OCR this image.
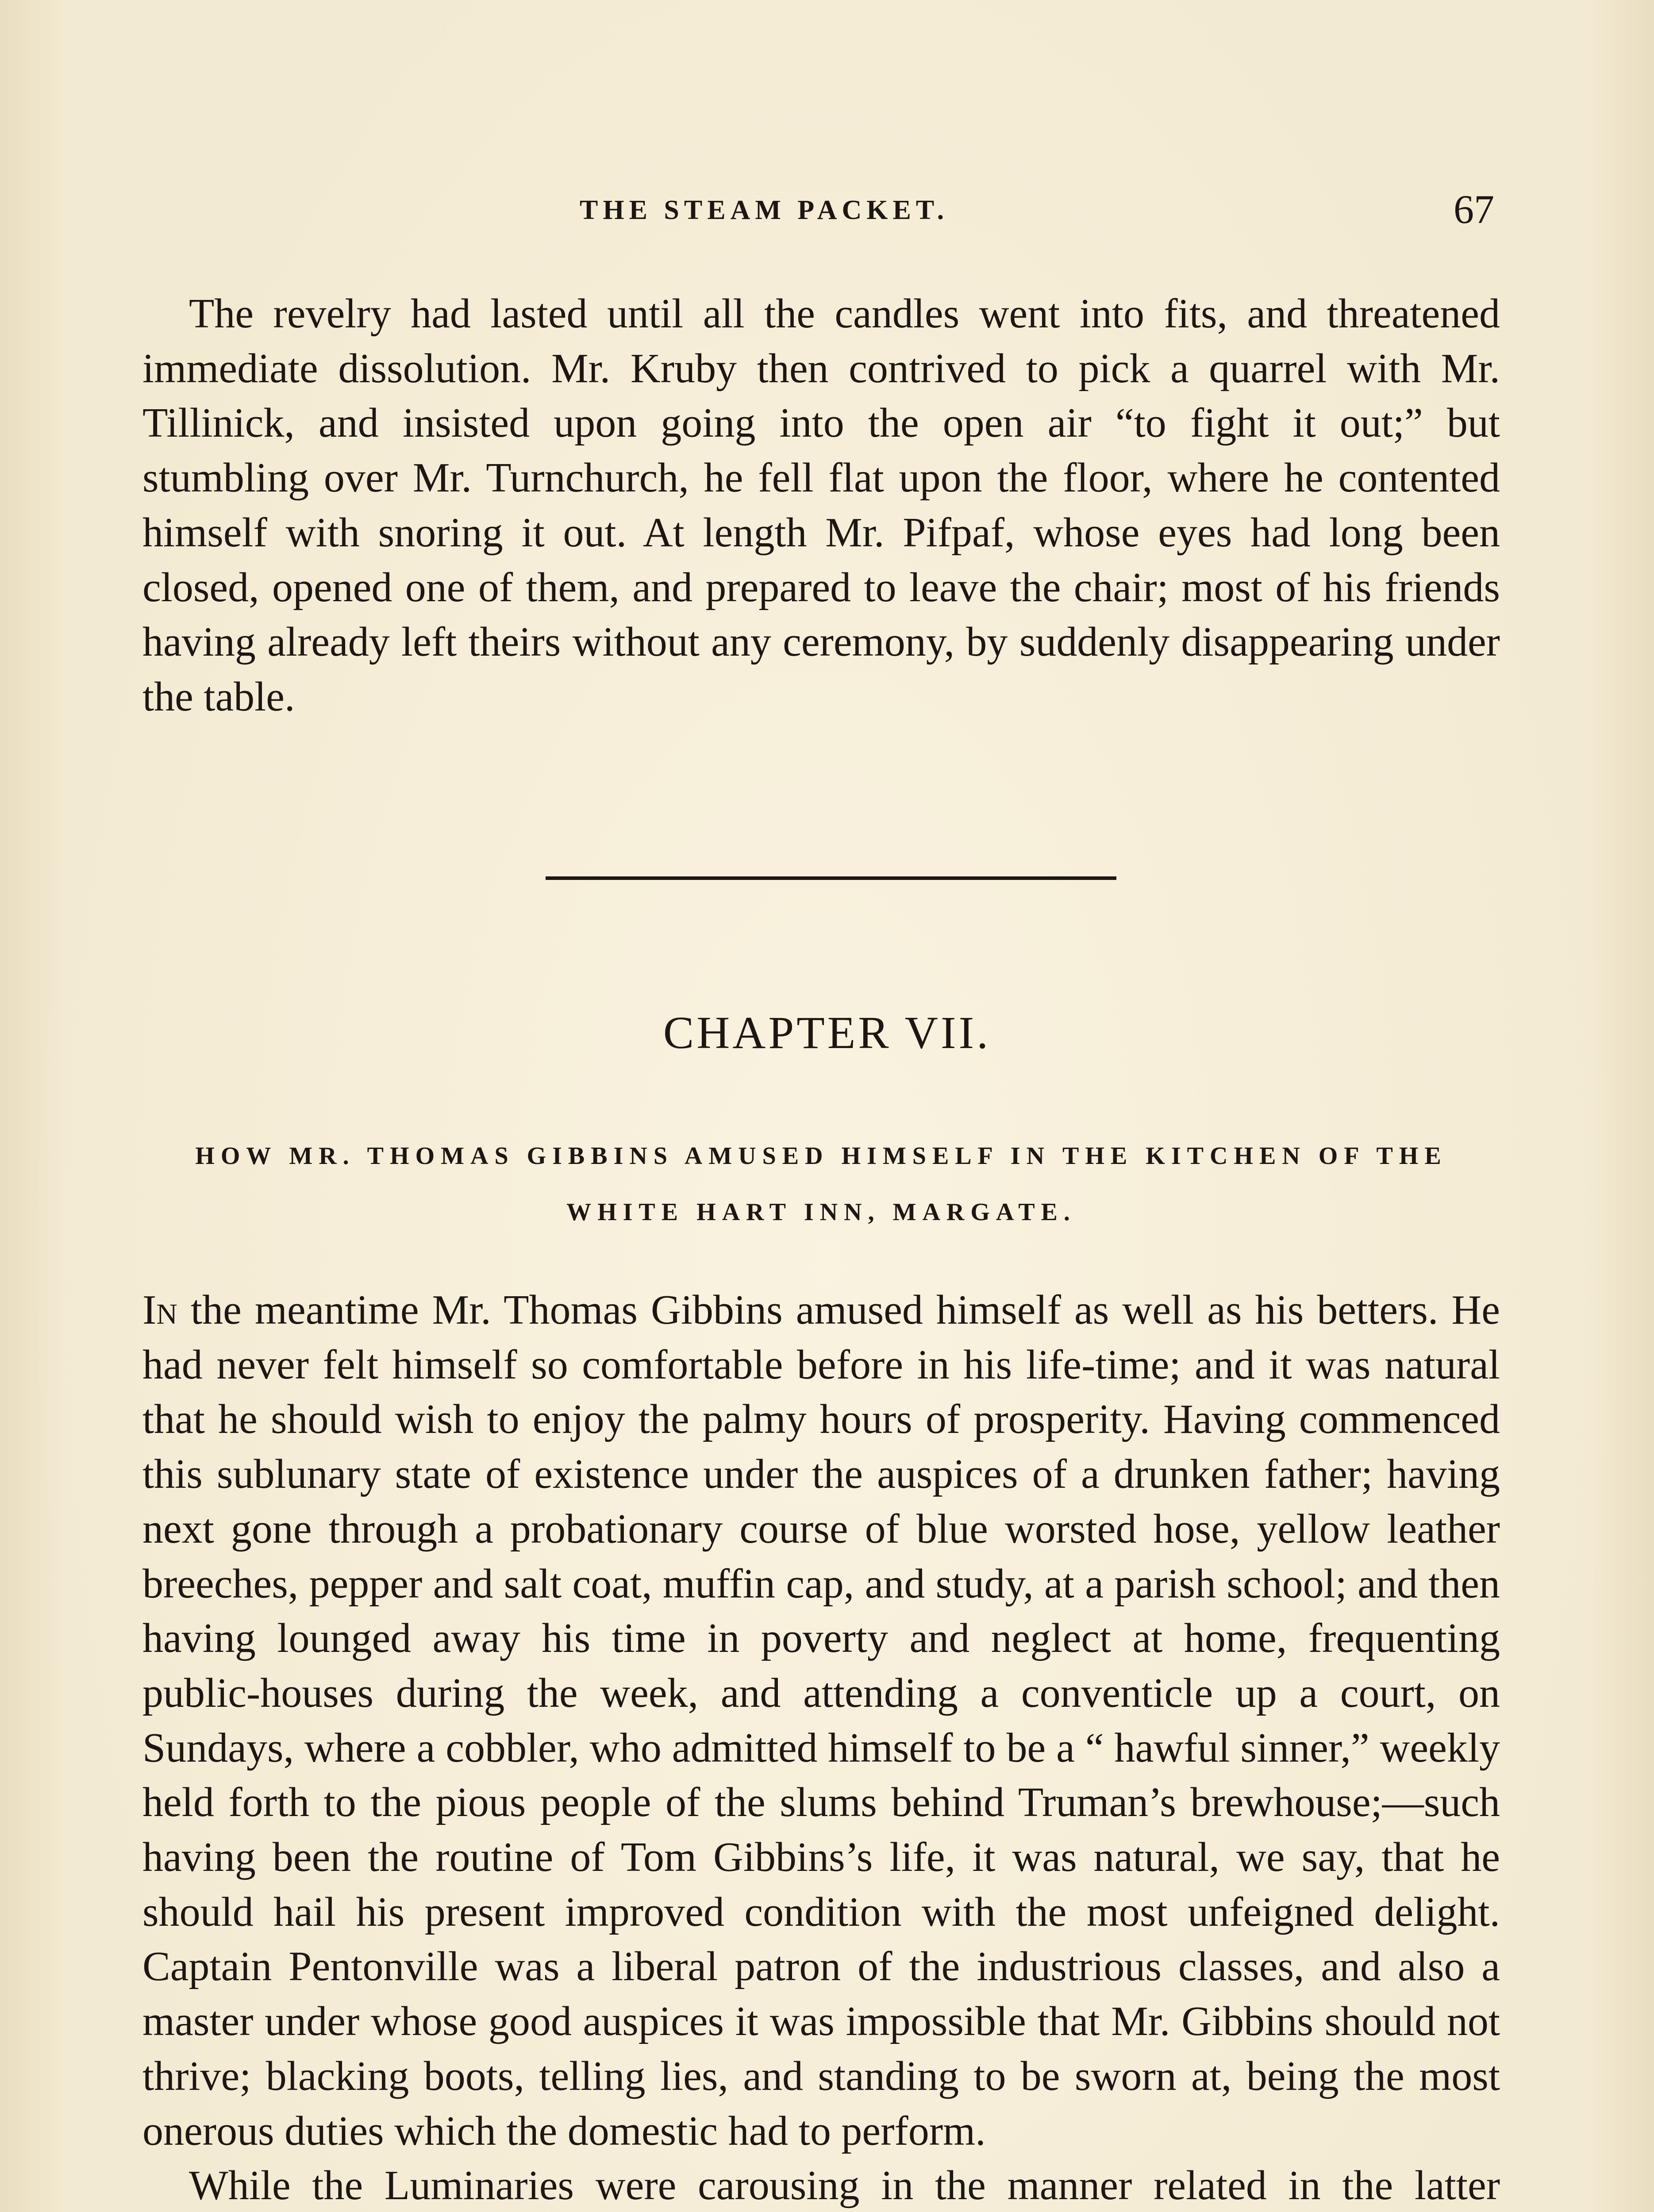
THE STEAM PACKET.	67

The revelry had lasted until all the candles went into fits, and threatened immediate dissolution. Mr. Kruby then contrived to pick a quarrel with Mr. Tillinick, and insisted upon going into the open air “to fight it out;” but stumbling over Mr. Turnchurch, he fell flat upon the floor, where he contented himself with snoring it out. At length Mr. Pifpaf, whose eyes had long been closed, opened one of them, and prepared to leave the chair; most of his friends having already left theirs without any ceremony, by suddenly disappearing under the table.

CHAPTER VII.
HOW MR. THOMAS GIBBINS AMUSED HIMSELF IN THE KITCHEN OF THE WHITE HART INN, MARGATE.

In the meantime Mr. Thomas Gibbins amused himself as well as his betters. He had never felt himself so comfortable before in his life-time; and it was natural that he should wish to enjoy the palmy hours of prosperity. Having commenced this sublunary state of existence under the auspices of a drunken father; having next gone through a probationary course of blue worsted hose, yellow leather breeches, pepper and salt coat, muffin cap, and study, at a parish school; and then having lounged away his time in poverty and neglect at home, frequenting public-houses during the week, and attending a conventicle up a court, on Sundays, where a cobbler, who admitted himself to be a “ hawful sinner,” weekly held forth to the pious people of the slums behind Truman’s brewhouse;—such having been the routine of Tom Gibbins’s life, it was natural, we say, that he should hail his present improved condition with the most unfeigned delight. Captain Pentonville was a liberal patron of the industrious classes, and also a master under whose good auspices it was impossible that Mr. Gibbins should not thrive; blacking boots, telling lies, and standing to be sworn at, being the most onerous duties which the domestic had to perform.

While the Luminaries were carousing in the manner related in the latter
